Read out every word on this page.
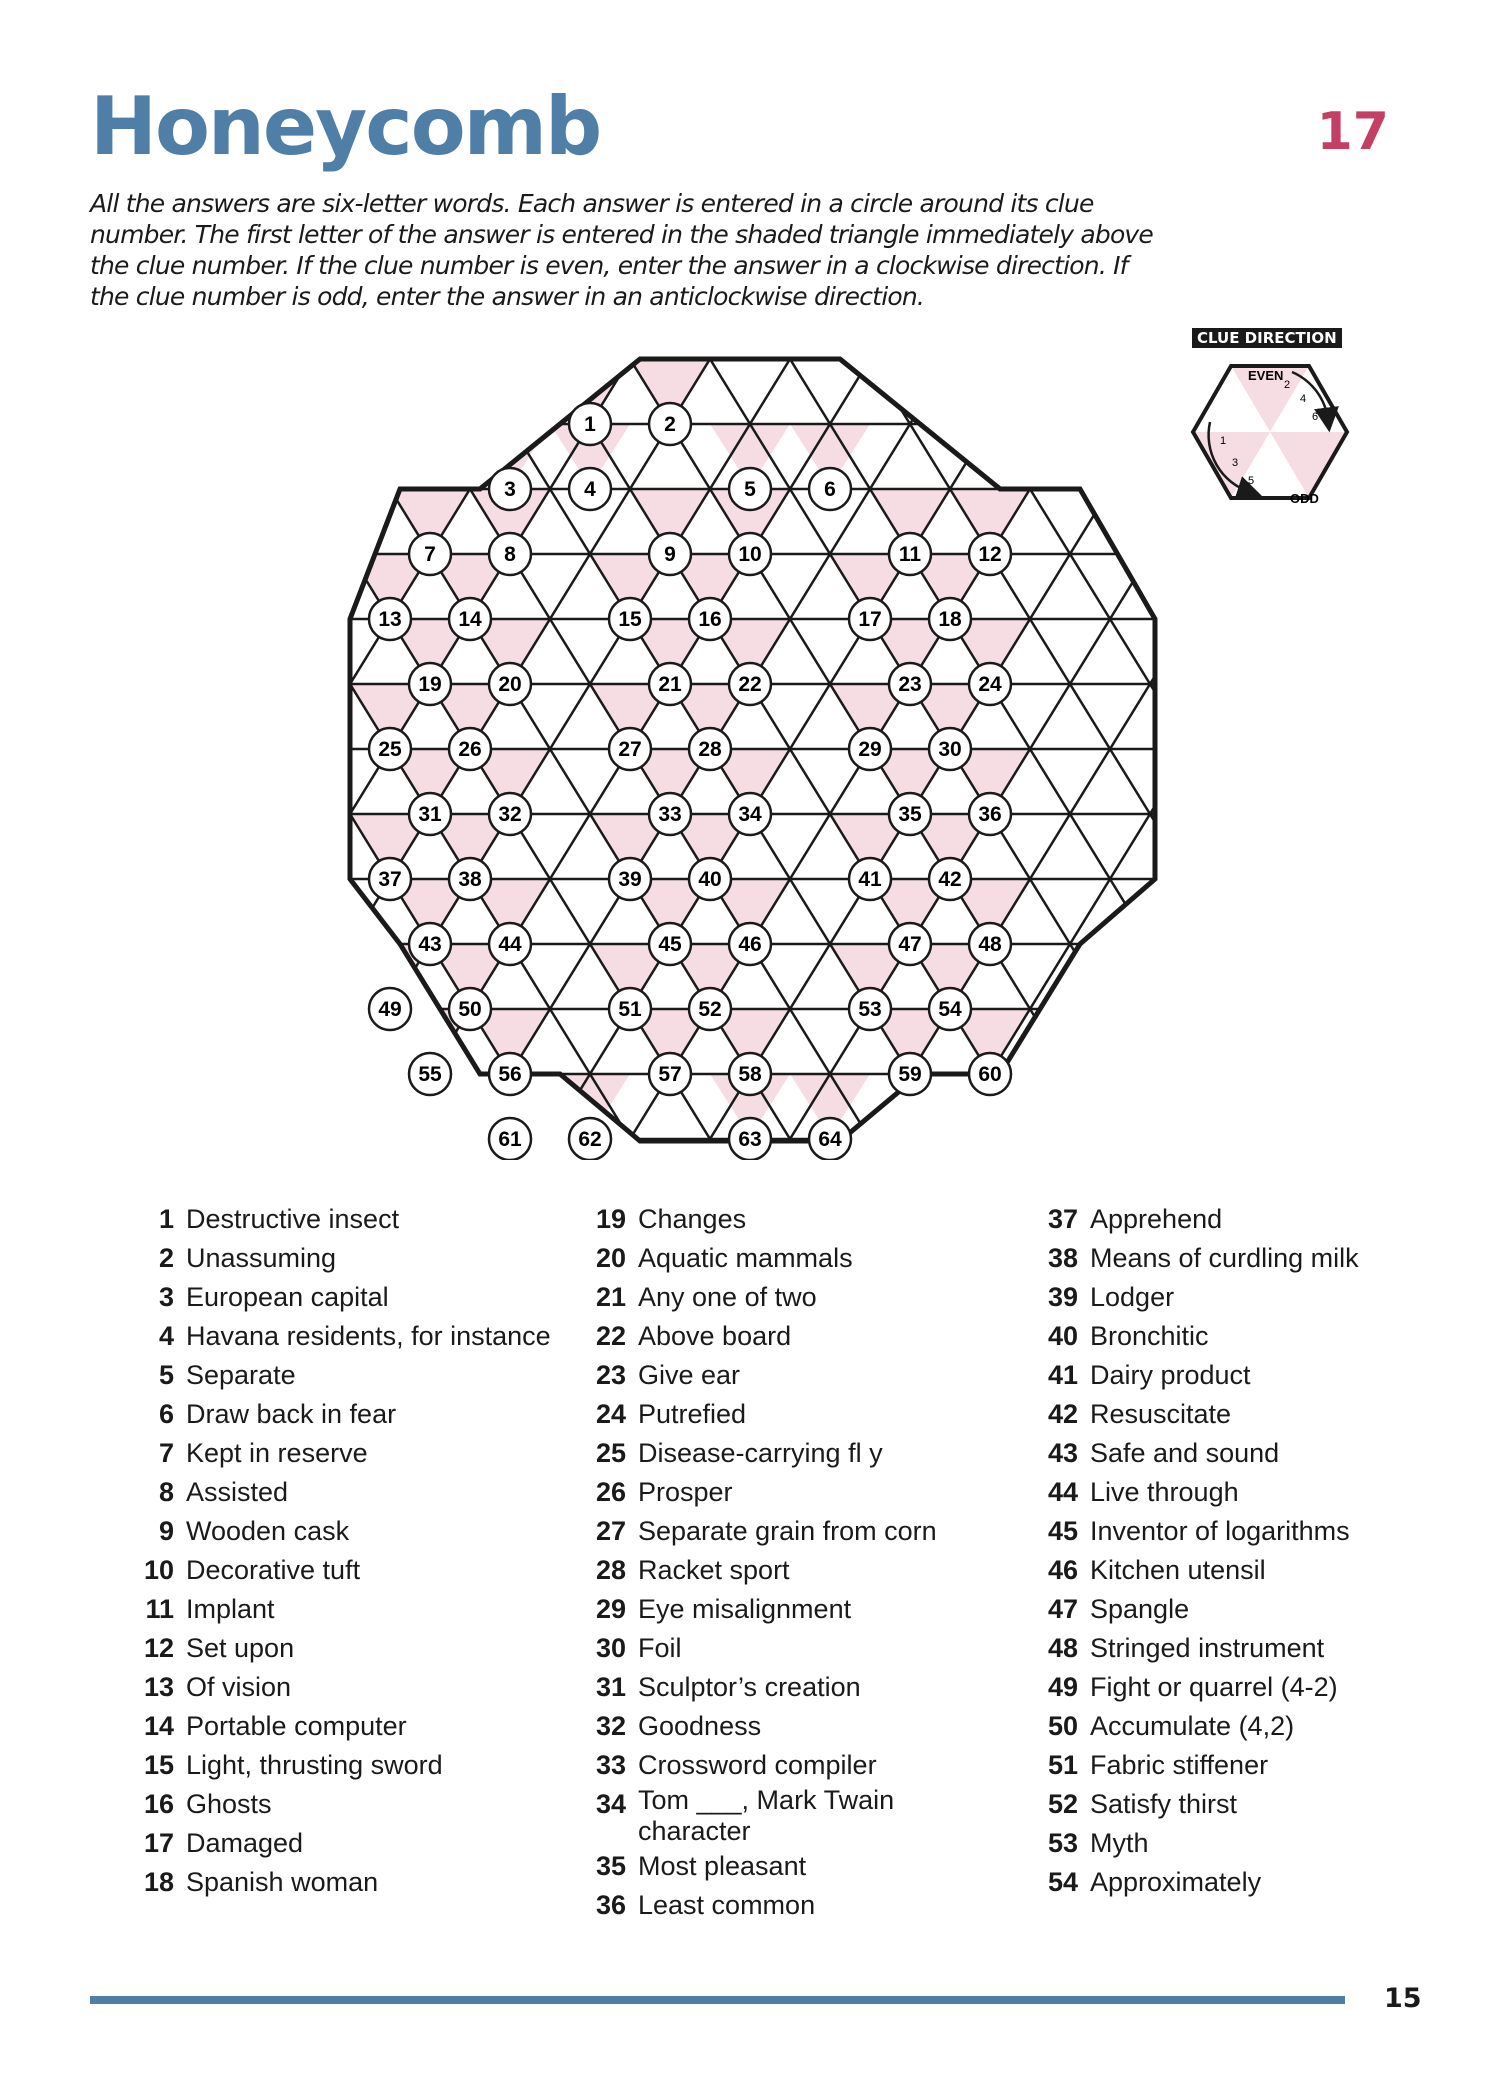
Honeycomb	17
All the answers are six-letter words. Each answer is entered in a circle around its clue number. The first letter of the answer is entered in the shaded triangle immediately above the clue number. If the clue number is even, enter the answer in a clockwise direction. If the clue number is odd, enter the answer in an anticlockwise direction.
1	2
3	4	5	6
7	8	9	10	11	12
13	14	15	16	17	18
19	20	21	22	23	24
25	26	27	28	29	30
31	32	33	34	35	36
37	38	39	40	41	42
43	44	45	46	47	48
49	50	51	52	53	54
55	56	57	58	59	60
61	62	63	64
CLUE DIRECTION
EVEN
ODD
2
4
6
1
3
5
1 Destructive insect
2 Unassuming
3 European capital
4 Havana residents, for instance
5 Separate
6 Draw back in fear
7 Kept in reserve
8 Assisted
9 Wooden cask
10 Decorative tuft
11 Implant
12 Set upon
13 Of vision
14 Portable computer
15 Light, thrusting sword
16 Ghosts
17 Damaged
18 Spanish woman
19 Changes
20 Aquatic mammals
21 Any one of two
22 Above board
23 Give ear
24 Putrefied
25 Disease-carrying fl y
26 Prosper
27 Separate grain from corn
28 Racket sport
29 Eye misalignment
30 Foil
31 Sculptor’s creation
32 Goodness
33 Crossword compiler
34 Tom ___, Mark Twain character
35 Most pleasant
36 Least common
37 Apprehend
38 Means of curdling milk
39 Lodger
40 Bronchitic
41 Dairy product
42 Resuscitate
43 Safe and sound
44 Live through
45 Inventor of logarithms
46 Kitchen utensil
47 Spangle
48 Stringed instrument
49 Fight or quarrel (4-2)
50 Accumulate (4,2)
51 Fabric stiffener
52 Satisfy thirst
53 Myth
54 Approximately
15
